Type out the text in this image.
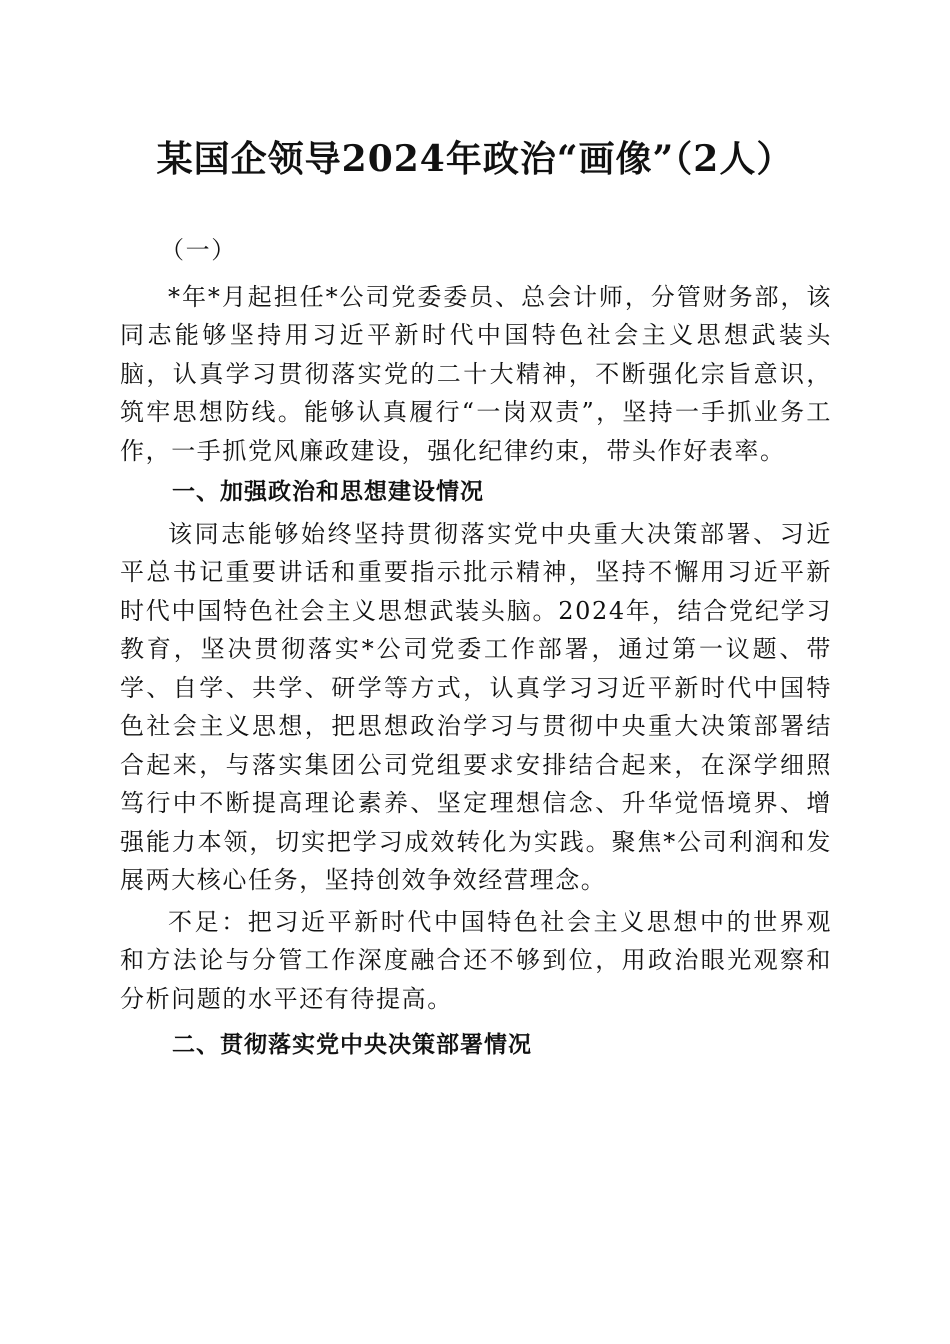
某国企领导2024年政治“画像”（2人）

（一）

*年*月起担任*公司党委委员、总会计师，分管财务部，该同志能够坚持用习近平新时代中国特色社会主义思想武装头脑，认真学习贯彻落实党的二十大精神，不断强化宗旨意识，筑牢思想防线。能够认真履行“一岗双责”，坚持一手抓业务工作，一手抓党风廉政建设，强化纪律约束，带头作好表率。

一、加强政治和思想建设情况

该同志能够始终坚持贯彻落实党中央重大决策部署、习近平总书记重要讲话和重要指示批示精神，坚持不懈用习近平新时代中国特色社会主义思想武装头脑。2024年，结合党纪学习教育，坚决贯彻落实*公司党委工作部署，通过第一议题、带学、自学、共学、研学等方式，认真学习习近平新时代中国特色社会主义思想，把思想政治学习与贯彻中央重大决策部署结合起来，与落实集团公司党组要求安排结合起来，在深学细照笃行中不断提高理论素养、坚定理想信念、升华觉悟境界、增强能力本领，切实把学习成效转化为实践。聚焦*公司利润和发展两大核心任务，坚持创效争效经营理念。

不足：把习近平新时代中国特色社会主义思想中的世界观和方法论与分管工作深度融合还不够到位，用政治眼光观察和分析问题的水平还有待提高。

二、贯彻落实党中央决策部署情况
